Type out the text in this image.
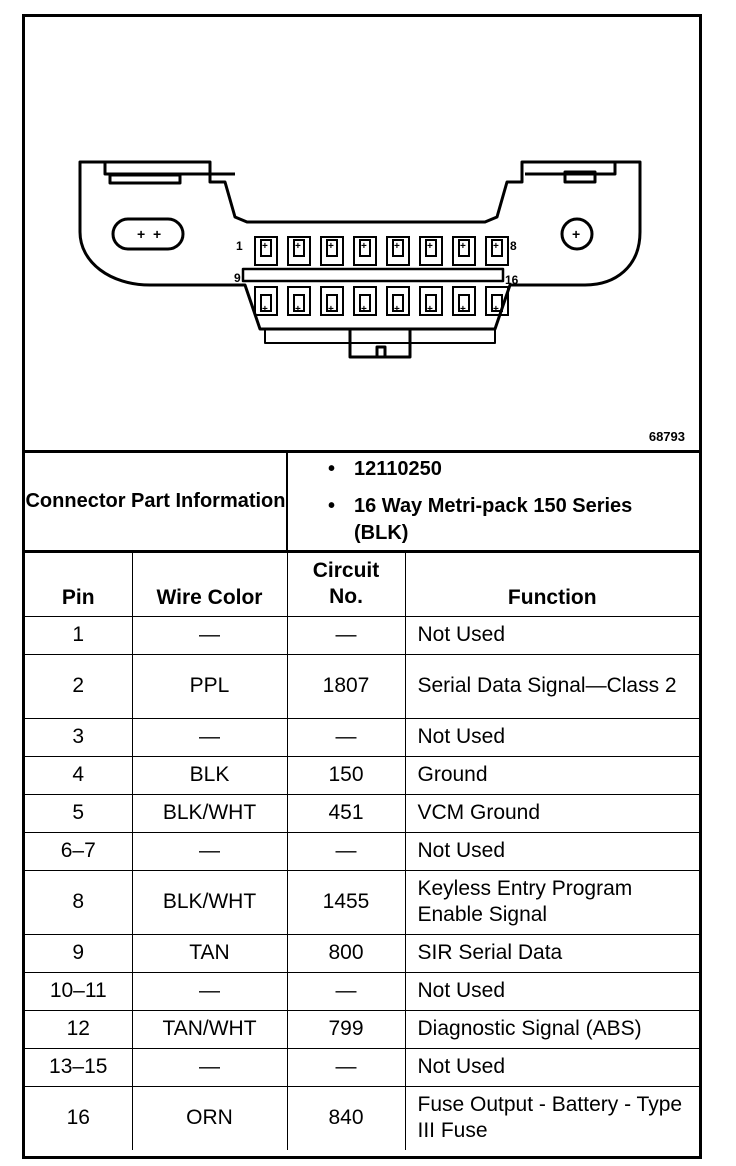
+	+	+	+	+	+	+	+
+	+	+	+	+	+	+	+
1	8
9	16
+ +	+
68793
Connector Part Information
• 12110250
• 16 Way Metri-pack 150 Series (BLK)
Pin	Wire Color	Circuit No.	Function
1	—	—	Not Used
2	PPL	1807	Serial Data Signal—Class 2
3	—	—	Not Used
4	BLK	150	Ground
5	BLK/WHT	451	VCM Ground
6–7	—	—	Not Used
8	BLK/WHT	1455	Keyless Entry Program Enable Signal
9	TAN	800	SIR Serial Data
10–11	—	—	Not Used
12	TAN/WHT	799	Diagnostic Signal (ABS)
13–15	—	—	Not Used
16	ORN	840	Fuse Output - Battery - Type III Fuse
